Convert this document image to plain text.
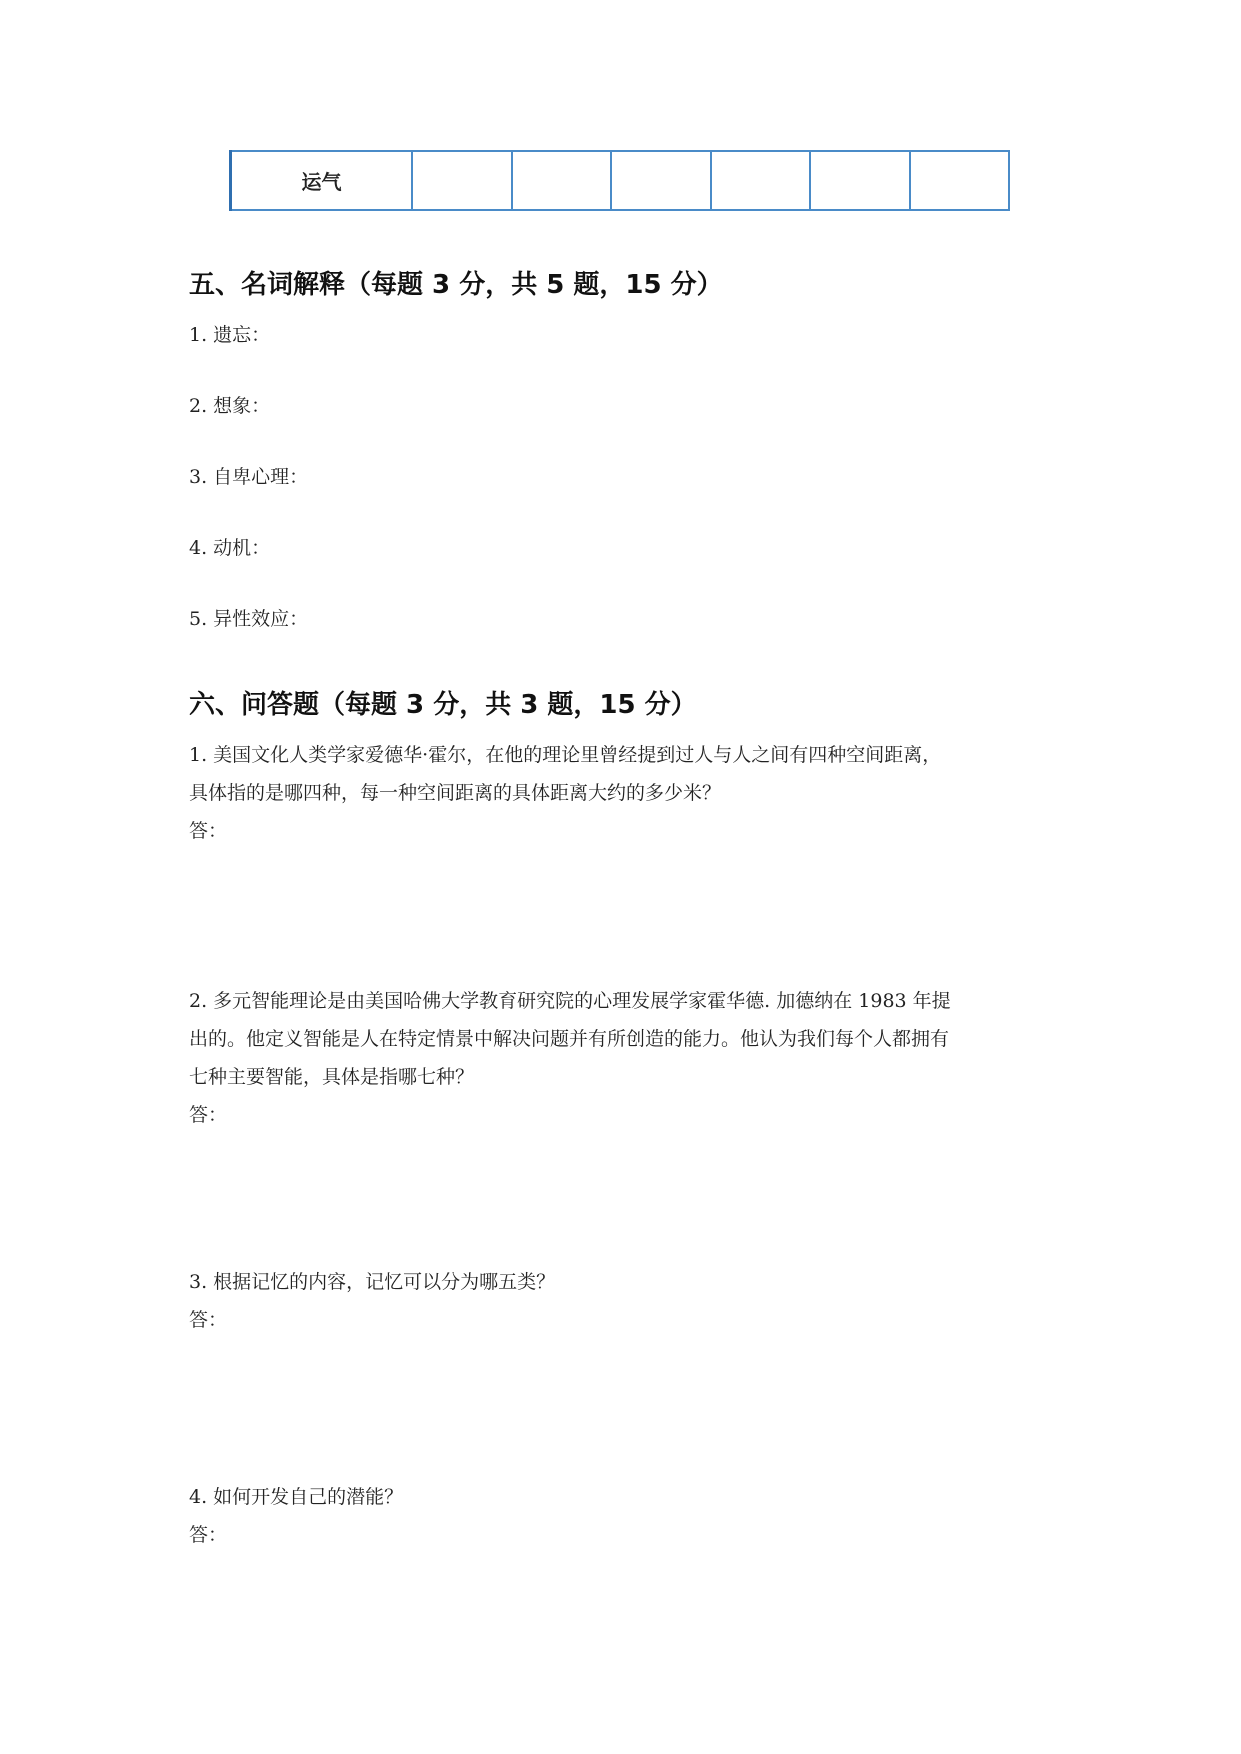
运气						
五、名词解释（每题 3 分，共 5 题，15 分）
1. 遗忘：
2. 想象：
3. 自卑心理：
4. 动机：
5. 异性效应：
六、问答题（每题 3 分，共 3 题，15 分）
1. 美国文化人类学家爱德华·霍尔，在他的理论里曾经提到过人与人之间有四种空间距离，
具体指的是哪四种，每一种空间距离的具体距离大约的多少米？
答：
2. 多元智能理论是由美国哈佛大学教育研究院的心理发展学家霍华德. 加德纳在 1983 年提
出的。他定义智能是人在特定情景中解决问题并有所创造的能力。他认为我们每个人都拥有
七种主要智能，具体是指哪七种？
答：
3. 根据记忆的内容，记忆可以分为哪五类？
答：
4. 如何开发自己的潜能？
答：
